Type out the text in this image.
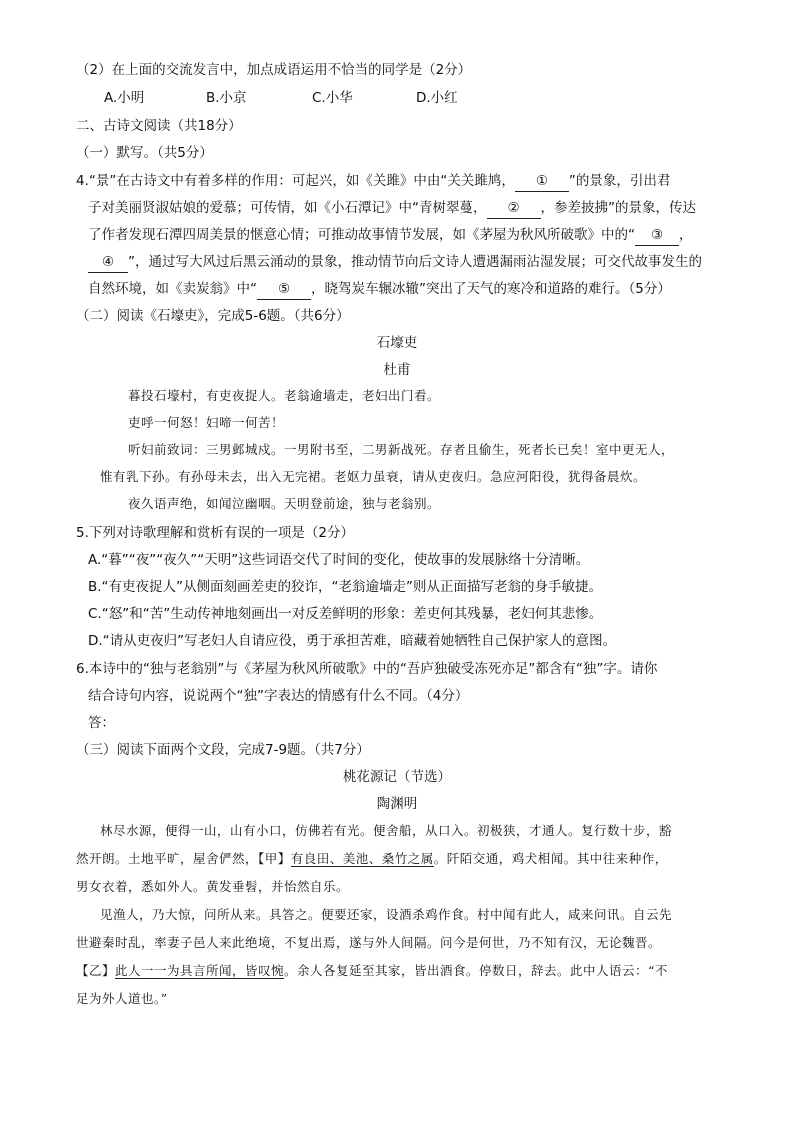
（2）在上面的交流发言中，加点成语运用不恰当的同学是（2分）
A.小明	B.小京	C.小华	D.小红
二、古诗文阅读（共18分）
（一）默写。（共5分）
4.“景”在古诗文中有着多样的作用：可起兴，如《关雎》中由“关关雎鸠， ① ”的景象，引出君
子对美丽贤淑姑娘的爱慕；可传情，如《小石潭记》中“青树翠蔓， ② ，参差披拂”的景象，传达
了作者发现石潭四周美景的惬意心情；可推动故事情节发展，如《茅屋为秋风所破歌》中的“ ③ ，
④ ”，通过写大风过后黑云涌动的景象，推动情节向后文诗人遭遇漏雨沾湿发展；可交代故事发生的
自然环境，如《卖炭翁》中“ ⑤ ，晓驾炭车辗冰辙”突出了天气的寒冷和道路的难行。（5分）
（二）阅读《石壕吏》，完成5-6题。（共6分）
石壕吏
杜甫
暮投石壕村，有吏夜捉人。老翁逾墙走，老妇出门看。
吏呼一何怒！妇啼一何苦！
听妇前致词：三男邺城戍。一男附书至，二男新战死。存者且偷生，死者长已矣！室中更无人，
惟有乳下孙。有孙母未去，出入无完裙。老妪力虽衰，请从吏夜归。急应河阳役，犹得备晨炊。
夜久语声绝，如闻泣幽咽。天明登前途，独与老翁别。
5.下列对诗歌理解和赏析有误的一项是（2分）
A.“暮”“夜”“夜久”“天明”这些词语交代了时间的变化，使故事的发展脉络十分清晰。
B.“有吏夜捉人”从侧面刻画差吏的狡诈，“老翁逾墙走”则从正面描写老翁的身手敏捷。
C.“怒”和“苦”生动传神地刻画出一对反差鲜明的形象：差吏何其残暴，老妇何其悲惨。
D.“请从吏夜归”写老妇人自请应役，勇于承担苦难，暗藏着她牺牲自己保护家人的意图。
6.本诗中的“独与老翁别”与《茅屋为秋风所破歌》中的“吾庐独破受冻死亦足”都含有“独”字。请你
结合诗句内容，说说两个“独”字表达的情感有什么不同。（4分）
答：
（三）阅读下面两个文段，完成7-9题。（共7分）
桃花源记（节选）
陶渊明
林尽水源，便得一山，山有小口，仿佛若有光。便舍船，从口入。初极狭，才通人。复行数十步，豁
然开朗。土地平旷，屋舍俨然，【甲】有良田、美池、桑竹之属。阡陌交通，鸡犬相闻。其中往来种作，
男女衣着，悉如外人。黄发垂髫，并怡然自乐。
见渔人，乃大惊，问所从来。具答之。便要还家，设酒杀鸡作食。村中闻有此人，咸来问讯。自云先
世避秦时乱，率妻子邑人来此绝境，不复出焉，遂与外人间隔。问今是何世，乃不知有汉，无论魏晋。
【乙】此人一一为具言所闻，皆叹惋。余人各复延至其家，皆出酒食。停数日，辞去。此中人语云：“不
足为外人道也。”
